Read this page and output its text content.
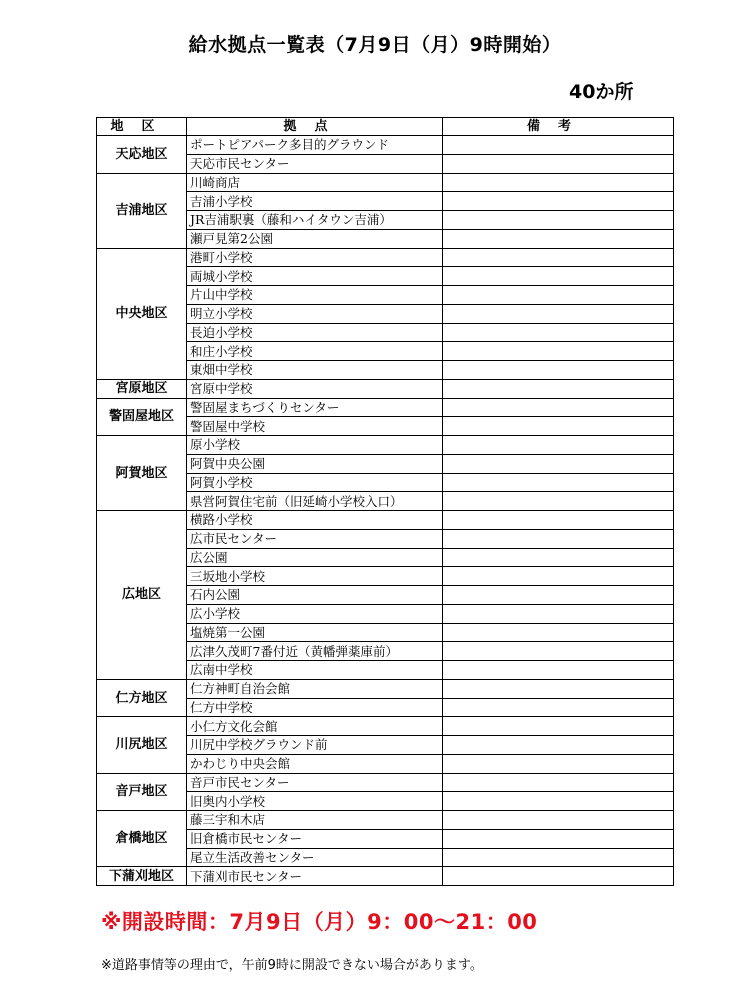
給水拠点一覧表（7月9日（月）9時開始）
40か所
地区	拠点	備考
天応地区	ポートピアパーク多目的グラウンド	
	天応市民センター	
吉浦地区	川崎商店	
	吉浦小学校	
	JR吉浦駅裏（藤和ハイタウン吉浦）	
	瀬戸見第2公園	
中央地区	港町小学校	
	両城小学校	
	片山中学校	
	明立小学校	
	長迫小学校	
	和庄小学校	
	東畑中学校	
宮原地区	宮原中学校	
警固屋地区	警固屋まちづくりセンター	
	警固屋中学校	
阿賀地区	原小学校	
	阿賀中央公園	
	阿賀小学校	
	県営阿賀住宅前（旧延崎小学校入口）	
広地区	横路小学校	
	広市民センター	
	広公園	
	三坂地小学校	
	石内公園	
	広小学校	
	塩焼第一公園	
	広津久茂町7番付近（黄幡弾薬庫前）	
	広南中学校	
仁方地区	仁方神町自治会館	
	仁方中学校	
川尻地区	小仁方文化会館	
	川尻中学校グラウンド前	
	かわじり中央会館	
音戸地区	音戸市民センター	
	旧奥内小学校	
倉橋地区	藤三宇和木店	
	旧倉橋市民センター	
	尾立生活改善センター	
下蒲刈地区	下蒲刈市民センター	
※開設時間：7月9日（月）9：00～21：00
※道路事情等の理由で，午前9時に開設できない場合があります。
